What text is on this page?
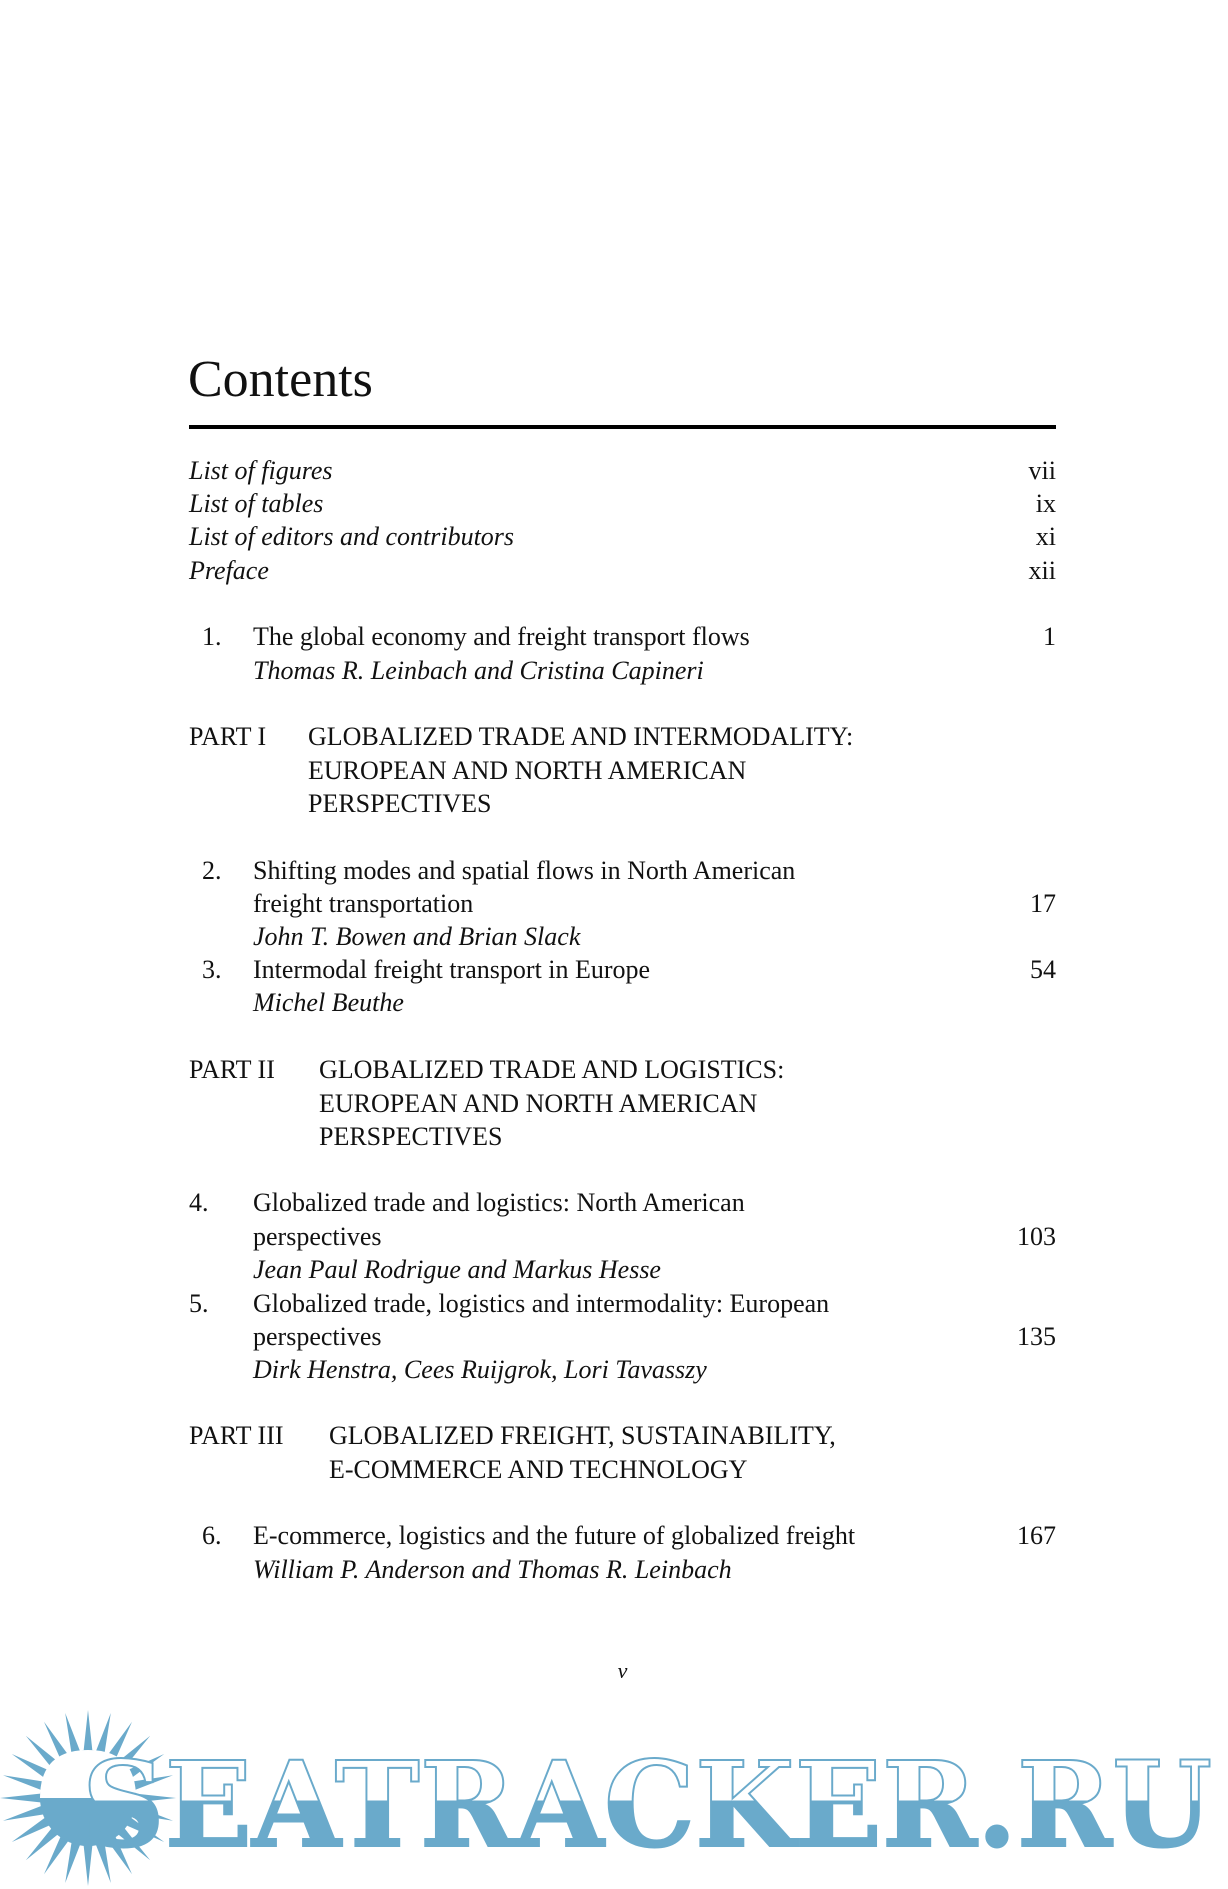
Contents
List of figures	vii
List of tables	ix
List of editors and contributors	xi
Preface	xii
1. The global economy and freight transport flows	1
Thomas R. Leinbach and Cristina Capineri
PART I GLOBALIZED TRADE AND INTERMODALITY:
EUROPEAN AND NORTH AMERICAN
PERSPECTIVES
2. Shifting modes and spatial flows in North American
freight transportation	17
John T. Bowen and Brian Slack
3. Intermodal freight transport in Europe	54
Michel Beuthe
PART II GLOBALIZED TRADE AND LOGISTICS:
EUROPEAN AND NORTH AMERICAN
PERSPECTIVES
4. Globalized trade and logistics: North American
perspectives	103
Jean Paul Rodrigue and Markus Hesse
5. Globalized trade, logistics and intermodality: European
perspectives	135
Dirk Henstra, Cees Ruijgrok, Lori Tavasszy
PART III GLOBALIZED FREIGHT, SUSTAINABILITY,
E-COMMERCE AND TECHNOLOGY
6. E-commerce, logistics and the future of globalized freight	167
William P. Anderson and Thomas R. Leinbach
v
SEATRACKER.RU
